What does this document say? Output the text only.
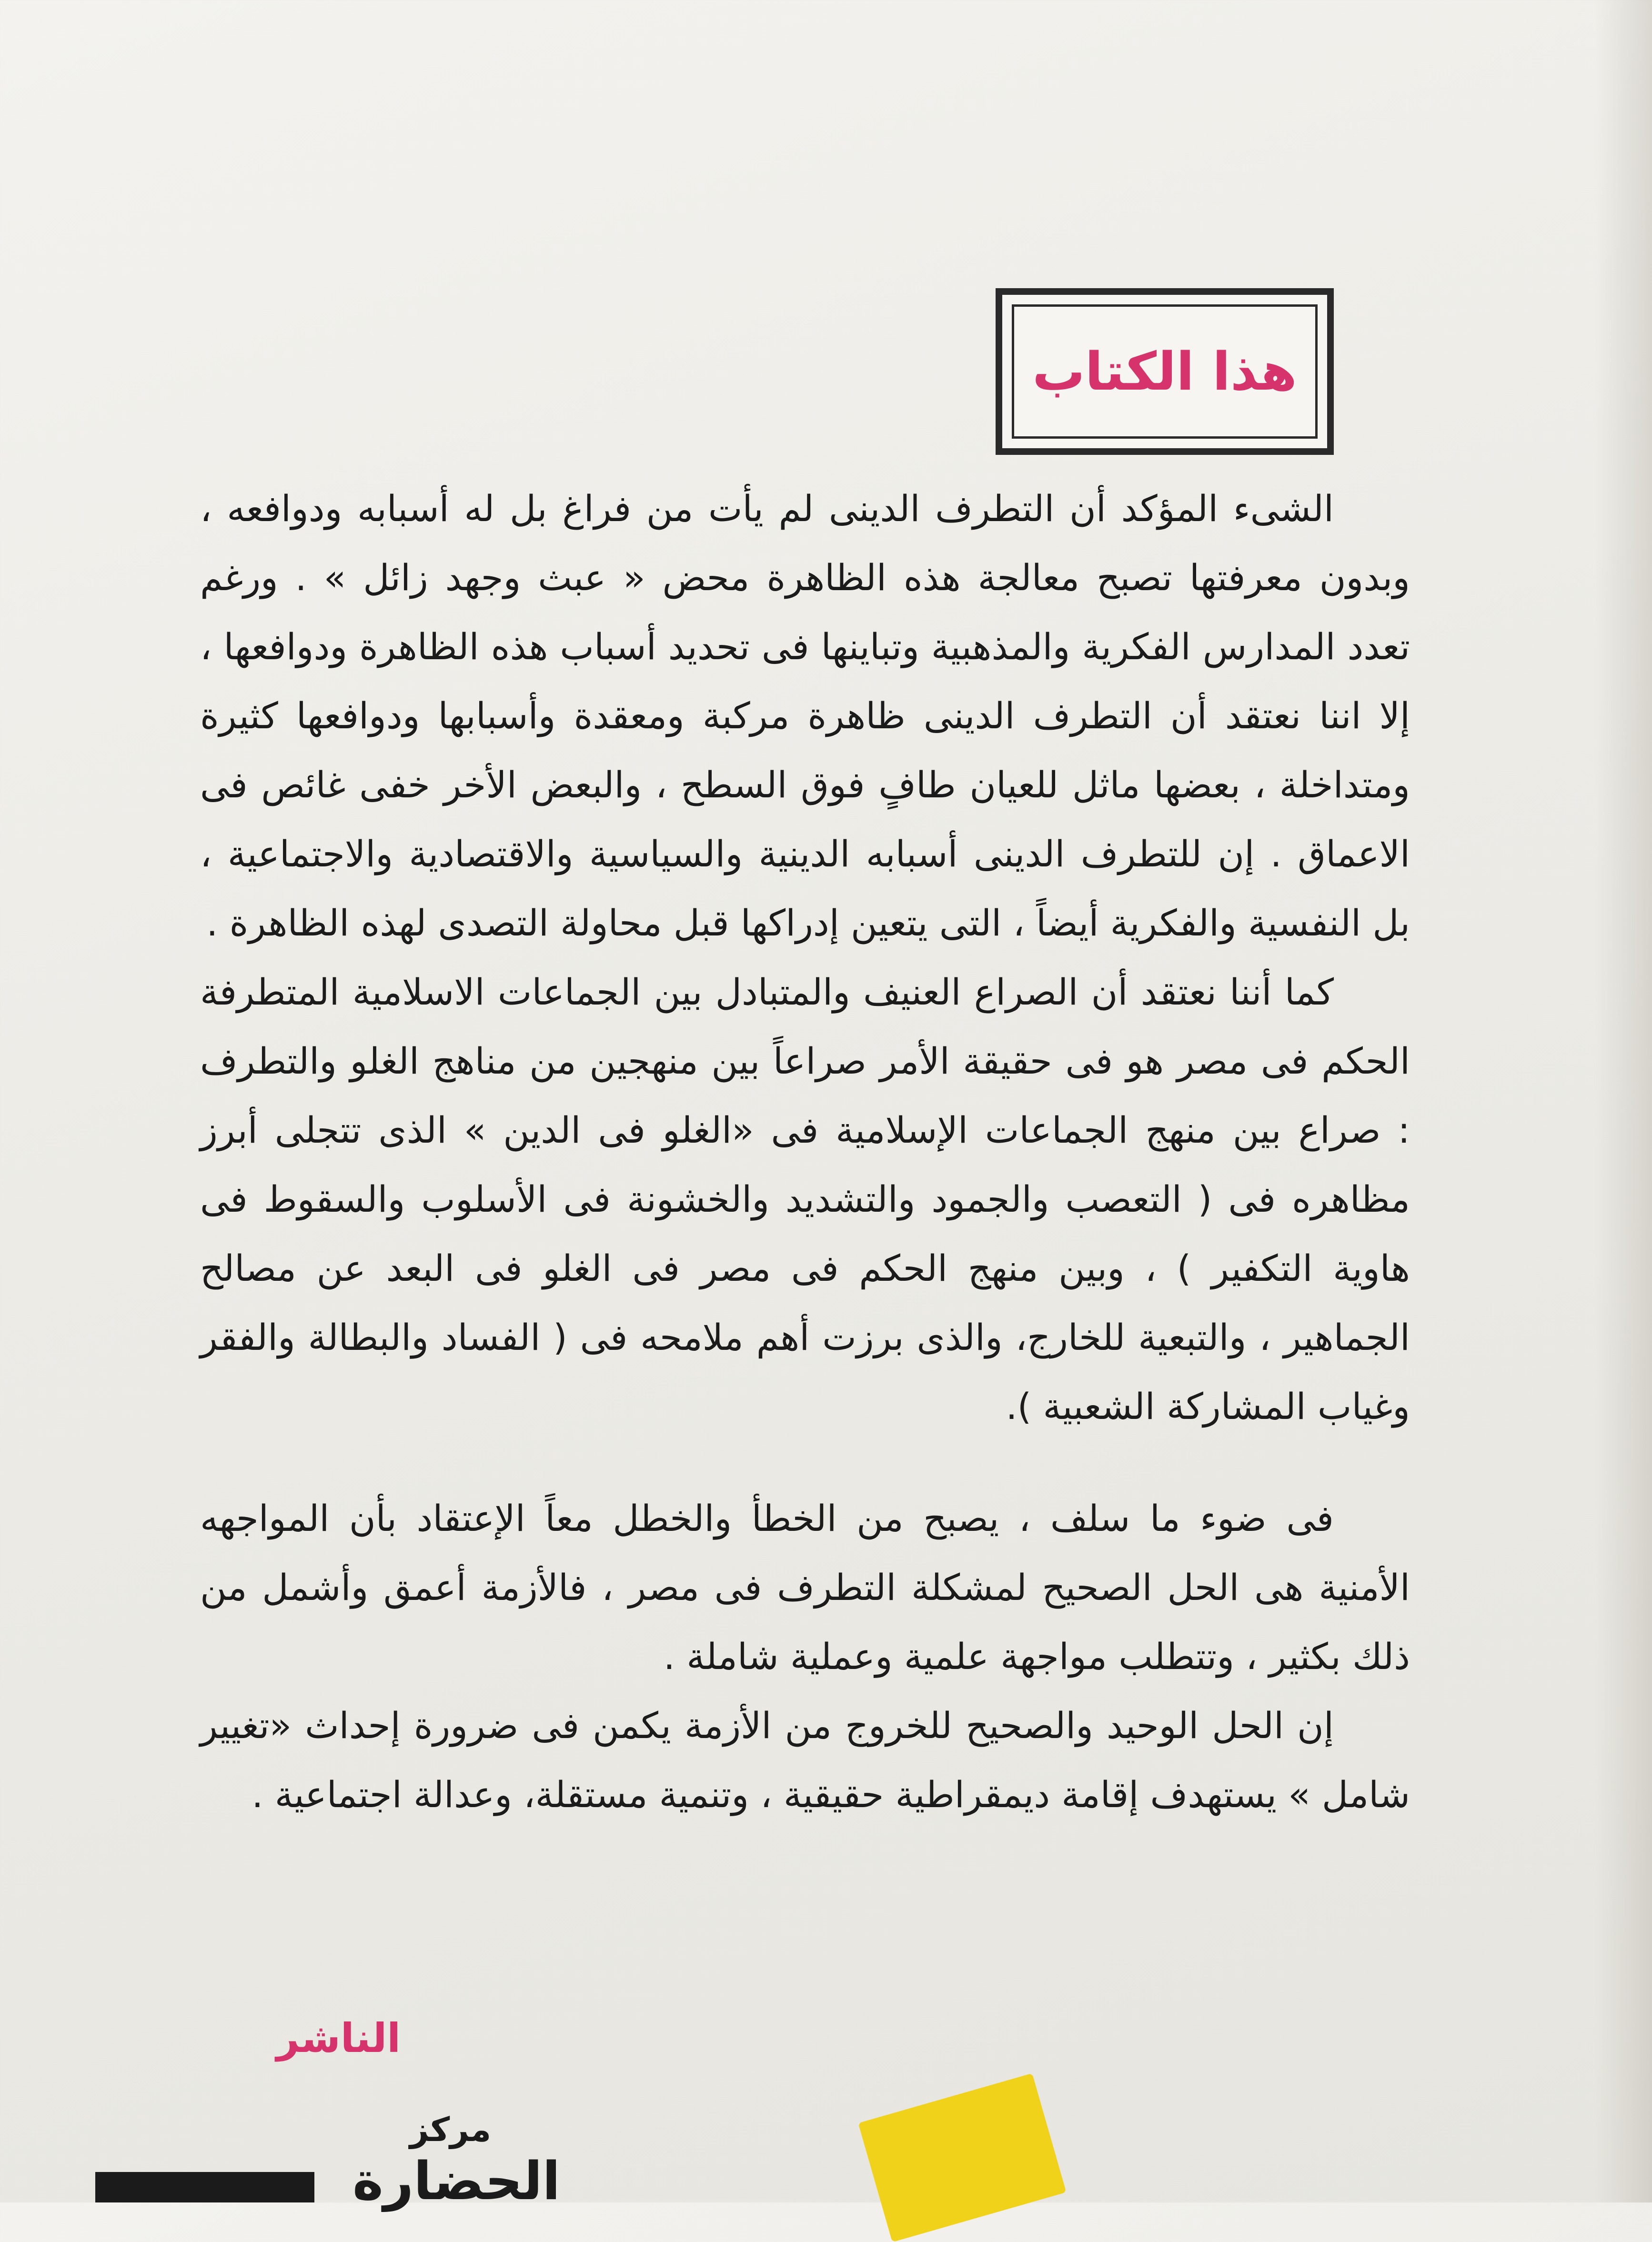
هذا الكتاب

الشىء المؤكد أن التطرف الدينى لم يأت من فراغ بل له أسبابه ودوافعه ، وبدون معرفتها تصبح معالجة هذه الظاهرة محض « عبث وجهد زائل » . ورغم تعدد المدارس الفكرية والمذهبية وتباينها فى تحديد أسباب هذه الظاهرة ودوافعها ، إلا اننا نعتقد أن التطرف الدينى ظاهرة مركبة ومعقدة وأسبابها ودوافعها كثيرة ومتداخلة ، بعضها ماثل للعيان طافٍ فوق السطح ، والبعض الأخر خفى غائص فى الاعماق . إن للتطرف الدينى أسبابه الدينية والسياسية والاقتصادية والاجتماعية ، بل النفسية والفكرية أيضاً ، التى يتعين إدراكها قبل محاولة التصدى لهذه الظاهرة .

كما أننا نعتقد أن الصراع العنيف والمتبادل بين الجماعات الاسلامية المتطرفة الحكم فى مصر هو فى حقيقة الأمر صراعاً بين منهجين من مناهج الغلو والتطرف : صراع بين منهج الجماعات الإسلامية فى «الغلو فى الدين » الذى تتجلى أبرز مظاهره فى ( التعصب والجمود والتشديد والخشونة فى الأسلوب والسقوط فى هاوية التكفير ) ، وبين منهج الحكم فى مصر فى الغلو فى البعد عن مصالح الجماهير ، والتبعية للخارج، والذى برزت أهم ملامحه فى ( الفساد والبطالة والفقر وغياب المشاركة الشعبية ).

فى ضوء ما سلف ، يصبح من الخطأ والخطل معاً الإعتقاد بأن المواجهه الأمنية هى الحل الصحيح لمشكلة التطرف فى مصر ، فالأزمة أعمق وأشمل من ذلك بكثير ، وتتطلب مواجهة علمية وعملية شاملة .

إن الحل الوحيد والصحيح للخروج من الأزمة يكمن فى ضرورة إحداث «تغيير شامل » يستهدف إقامة ديمقراطية حقيقية ، وتنمية مستقلة، وعدالة اجتماعية .

الناشر
مركز
الحضارة
